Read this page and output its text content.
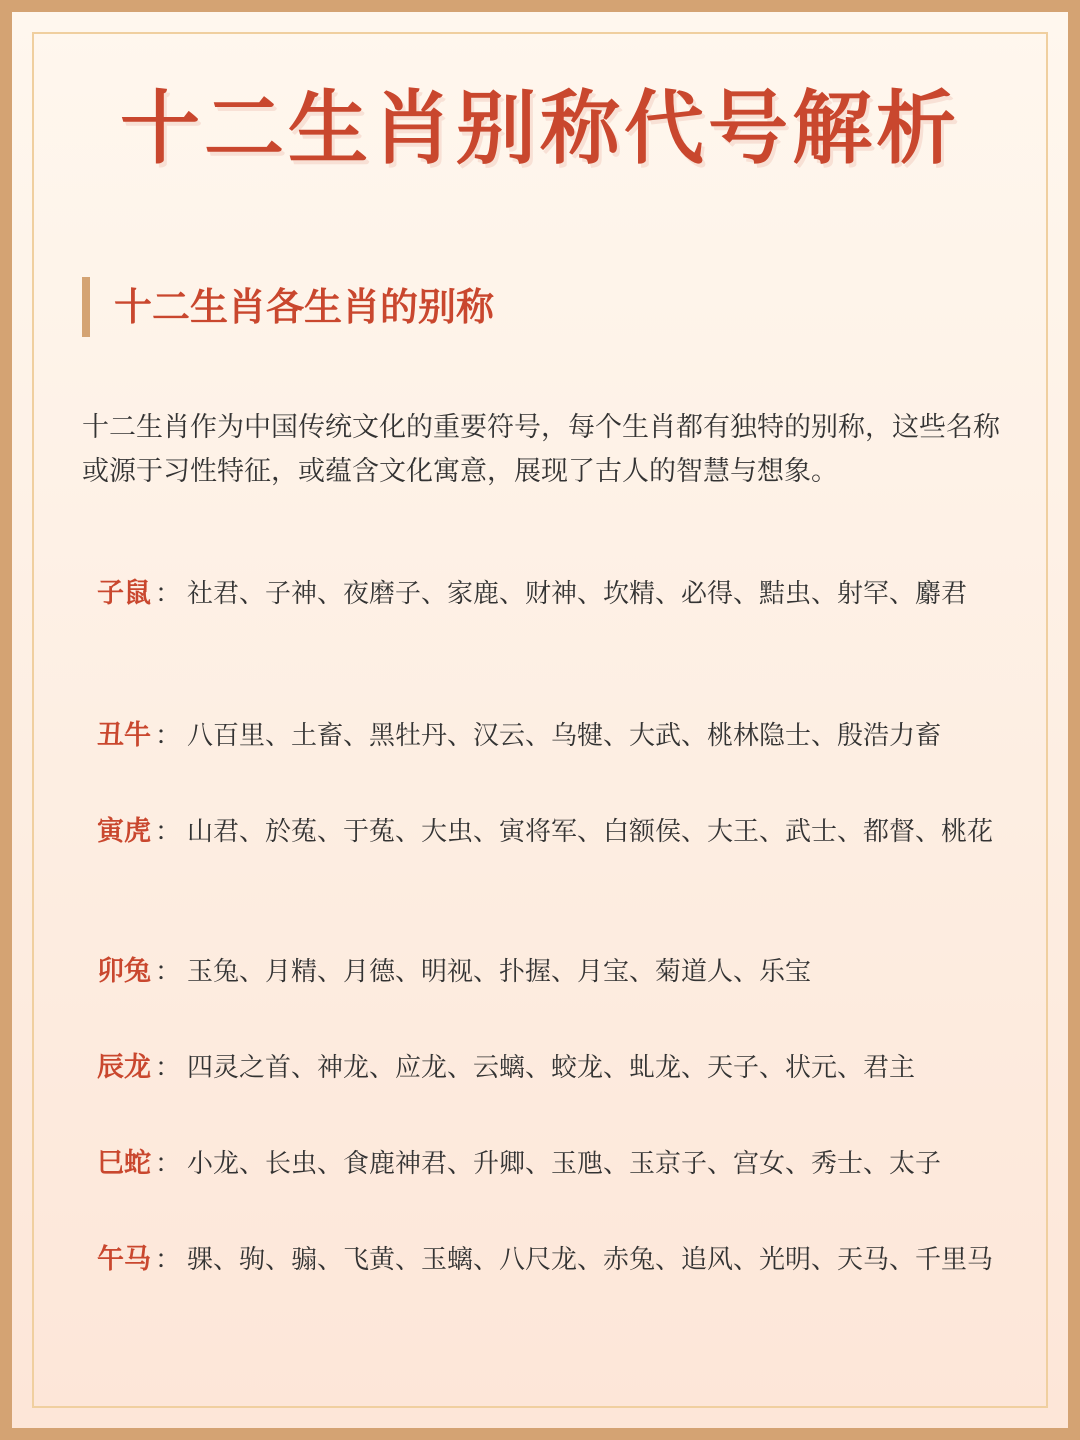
十二生肖别称代号解析
十二生肖各生肖的别称

十二生肖作为中国传统文化的重要符号，每个生肖都有独特的别称，这些名称或源于习性特征，或蕴含文化寓意，展现了古人的智慧与想象。

子鼠 ： 社君、子神、夜磨子、家鹿、财神、坎精、必得、黠虫、射罕、麝君
丑牛 ： 八百里、土畜、黑牡丹、汉云、乌犍、大武、桃林隐士、殷浩力畜
寅虎 ： 山君、於菟、于菟、大虫、寅将军、白额侯、大王、武士、都督、桃花
卯兔 ： 玉兔、月精、月德、明视、扑握、月宝、菊道人、乐宝
辰龙 ： 四灵之首、神龙、应龙、云螭、蛟龙、虬龙、天子、状元、君主
巳蛇 ： 小龙、长虫、食鹿神君、升卿、玉虺、玉京子、宫女、秀士、太子
午马 ： 骒、驹、骟、飞黄、玉螭、八尺龙、赤兔、追风、光明、天马、千里马
